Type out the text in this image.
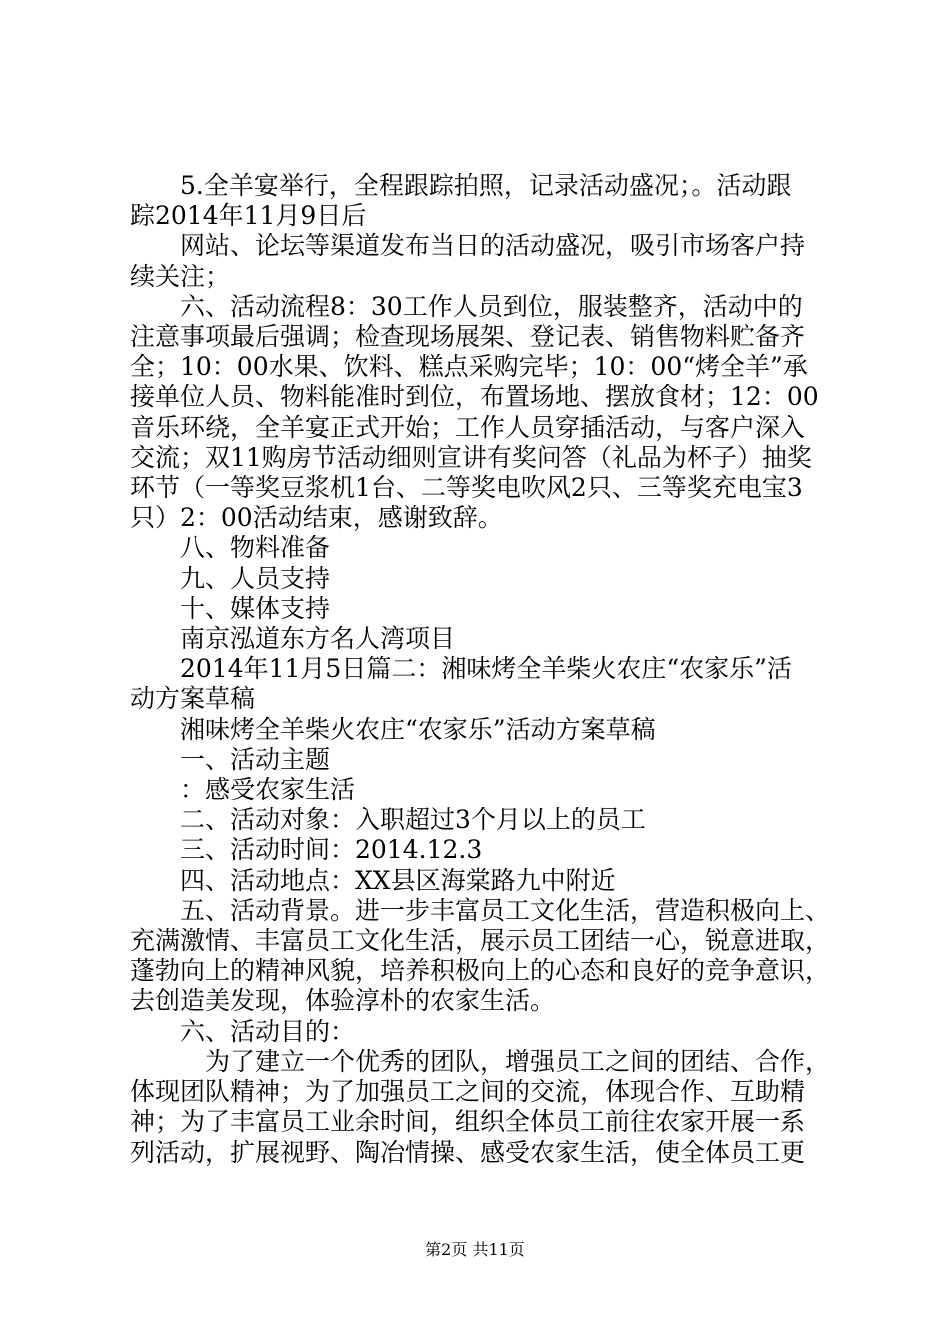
　　5.全羊宴举行，全程跟踪拍照，记录活动盛况；。活动跟

踪2014年11月9日后

　　网站、论坛等渠道发布当日的活动盛况，吸引市场客户持

续关注；

　　六、活动流程8：30工作人员到位，服装整齐，活动中的

注意事项最后强调；检查现场展架、登记表、销售物料贮备齐

全；10：00水果、饮料、糕点采购完毕；10：00“烤全羊”承

接单位人员、物料能准时到位，布置场地、摆放食材；12：00

音乐环绕，全羊宴正式开始；工作人员穿插活动，与客户深入

交流；双11购房节活动细则宣讲有奖问答（礼品为杯子）抽奖

环节（一等奖豆浆机1台、二等奖电吹风2只、三等奖充电宝3

只）2：00活动结束，感谢致辞。

　　八、物料准备

　　九、人员支持

　　十、媒体支持

　　南京泓道东方名人湾项目

　　2014年11月5日篇二：湘味烤全羊柴火农庄“农家乐”活

动方案草稿

　　湘味烤全羊柴火农庄“农家乐”活动方案草稿

　　一、活动主题

　　：感受农家生活

　　二、活动对象：入职超过3个月以上的员工

　　三、活动时间：2014.12.3

　　四、活动地点：XX县区海棠路九中附近

　　五、活动背景。进一步丰富员工文化生活，营造积极向上、

充满激情、丰富员工文化生活，展示员工团结一心，锐意进取，

蓬勃向上的精神风貌，培养积极向上的心态和良好的竞争意识，

去创造美发现，体验淳朴的农家生活。

　　六、活动目的：

　　　为了建立一个优秀的团队，增强员工之间的团结、合作，

体现团队精神；为了加强员工之间的交流，体现合作、互助精

神；为了丰富员工业余时间，组织全体员工前往农家开展一系

列活动，扩展视野、陶冶情操、感受农家生活，使全体员工更

第2页 共11页
